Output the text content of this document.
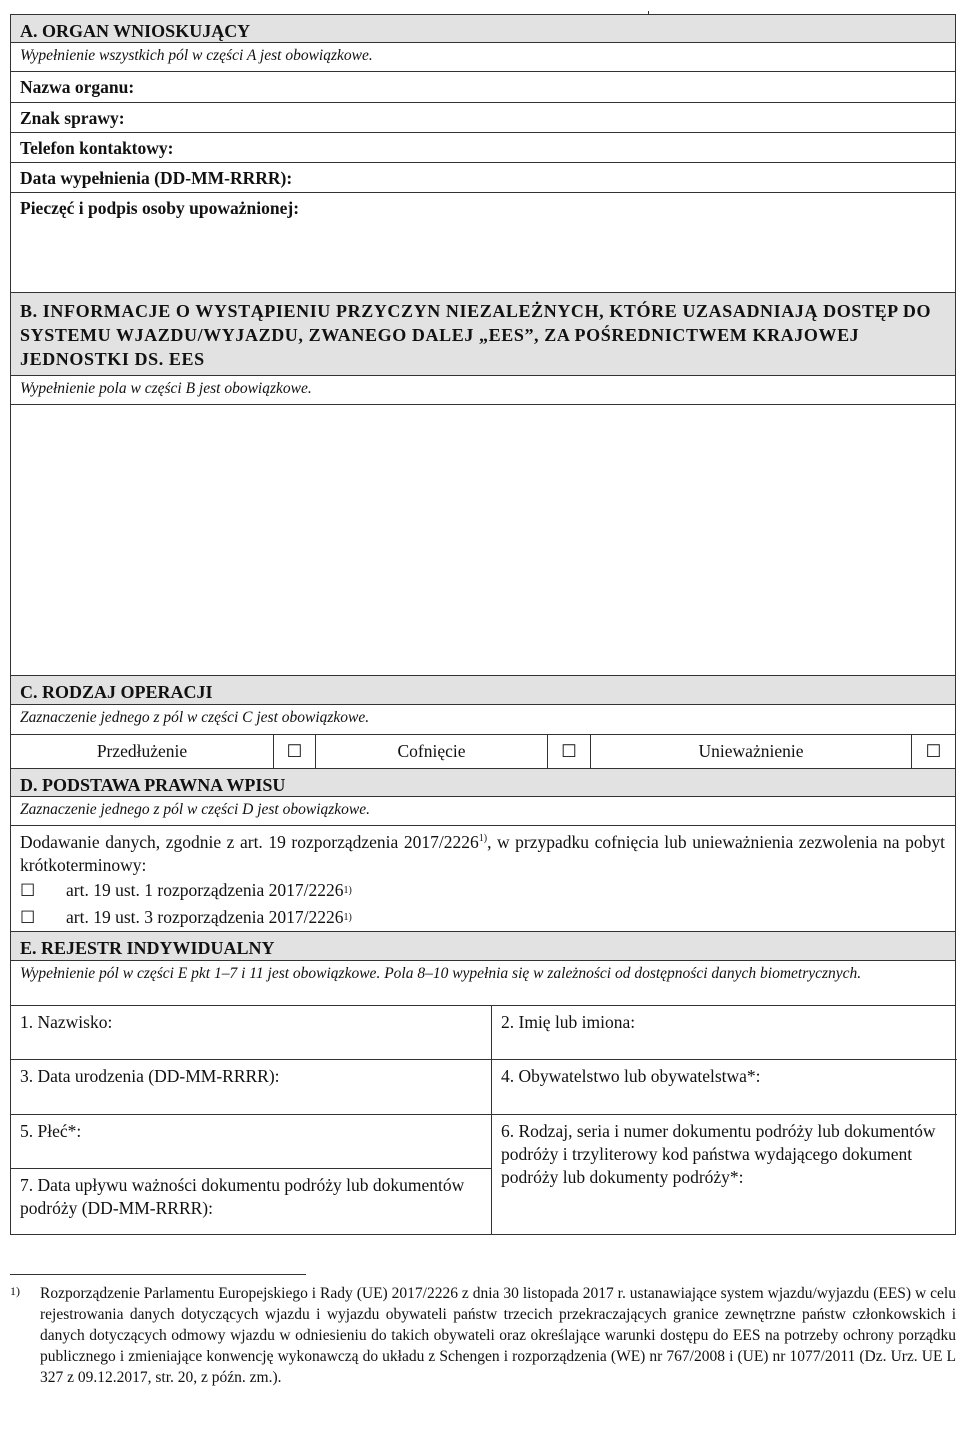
A. ORGAN WNIOSKUJĄCY
Wypełnienie wszystkich pól w części A jest obowiązkowe.
Nazwa organu:
Znak sprawy:
Telefon kontaktowy:
Data wypełnienia (DD-MM-RRRR):
Pieczęć i podpis osoby upoważnionej:
B. INFORMACJE O WYSTĄPIENIU PRZYCZYN NIEZALEŻNYCH, KTÓRE UZASADNIAJĄ DOSTĘP DO SYSTEMU WJAZDU/WYJAZDU, ZWANEGO DALEJ „EES”, ZA POŚREDNICTWEM KRAJOWEJ JEDNOSTKI DS. EES
Wypełnienie pola w części B jest obowiązkowe.
C. RODZAJ OPERACJI
Zaznaczenie jednego z pól w części C jest obowiązkowe.
Przedłużenie	☐	Cofnięcie	☐	Unieważnienie	☐
D. PODSTAWA PRAWNA WPISU
Zaznaczenie jednego z pól w części D jest obowiązkowe.
Dodawanie danych, zgodnie z art. 19 rozporządzenia 2017/2226$^{1)}$, w przypadku cofnięcia lub unieważnienia zezwolenia na pobyt krótkoterminowy:
☐	art. 19 ust. 1 rozporządzenia 2017/2226 1)
☐	art. 19 ust. 3 rozporządzenia 2017/2226 1)
E. REJESTR INDYWIDUALNY
Wypełnienie pól w części E pkt 1–7 i 11 jest obowiązkowe. Pola 8–10 wypełnia się w zależności od dostępności danych biometrycznych.
1. Nazwisko:	2. Imię lub imiona:
3. Data urodzenia (DD-MM-RRRR):	4. Obywatelstwo lub obywatelstwa*:
5. Płeć*:	6. Rodzaj, seria i numer dokumentu podróży lub dokumentów podróży i trzyliterowy kod państwa wydającego dokument podróży lub dokumenty podróży*:
7. Data upływu ważności dokumentu podróży lub dokumentów podróży (DD-MM-RRRR):
1) Rozporządzenie Parlamentu Europejskiego i Rady (UE) 2017/2226 z dnia 30 listopada 2017 r. ustanawiające system wjazdu/wyjazdu (EES) w celu rejestrowania danych dotyczących wjazdu i wyjazdu obywateli państw trzecich przekraczających granice zewnętrzne państw członkowskich i danych dotyczących odmowy wjazdu w odniesieniu do takich obywateli oraz określające warunki dostępu do EES na potrzeby ochrony porządku publicznego i zmieniające konwencję wykonawczą do układu z Schengen i rozporządzenia (WE) nr 767/2008 i (UE) nr 1077/2011 (Dz. Urz. UE L 327 z 09.12.2017, str. 20, z późn. zm.).
